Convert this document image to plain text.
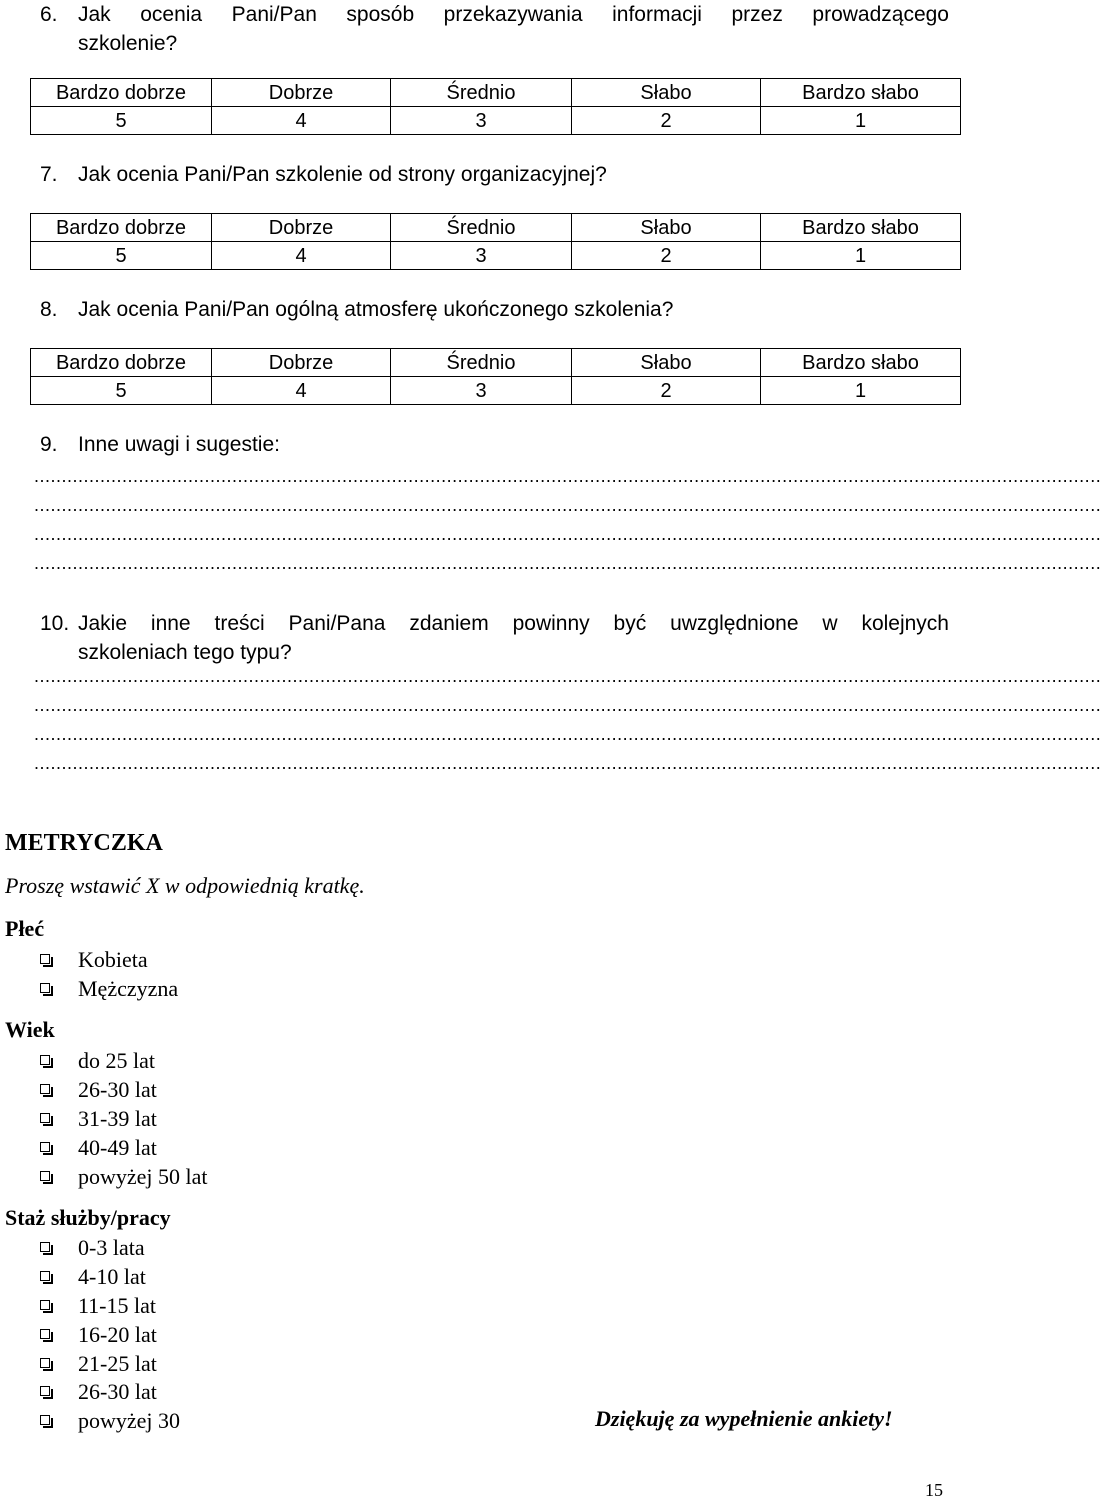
6. Jak ocenia Pani/Pan sposób przekazywania informacji przez prowadzącego
szkolenie?
Bardzo dobrze	Dobrze	Średnio	Słabo	Bardzo słabo
5	4	3	2	1
7. Jak ocenia Pani/Pan szkolenie od strony organizacyjnej?
Bardzo dobrze	Dobrze	Średnio	Słabo	Bardzo słabo
5	4	3	2	1
8. Jak ocenia Pani/Pan ogólną atmosferę ukończonego szkolenia?
Bardzo dobrze	Dobrze	Średnio	Słabo	Bardzo słabo
5	4	3	2	1
9. Inne uwagi i sugestie:
..................................................................................................................................................................................................
..................................................................................................................................................................................................
..................................................................................................................................................................................................
..................................................................................................................................................................................................
10. Jakie inne treści Pani/Pana zdaniem powinny być uwzględnione w kolejnych
szkoleniach tego typu?
..................................................................................................................................................................................................
..................................................................................................................................................................................................
..................................................................................................................................................................................................
..................................................................................................................................................................................................
METRYCZKA
Proszę wstawić X w odpowiednią kratkę.
Płeć
Kobieta
Mężczyzna
Wiek
do 25 lat
26-30 lat
31-39 lat
40-49 lat
powyżej 50 lat
Staż służby/pracy
0-3 lata
4-10 lat
11-15 lat
16-20 lat
21-25 lat
26-30 lat
powyżej 30	Dziękuję za wypełnienie ankiety!
15
